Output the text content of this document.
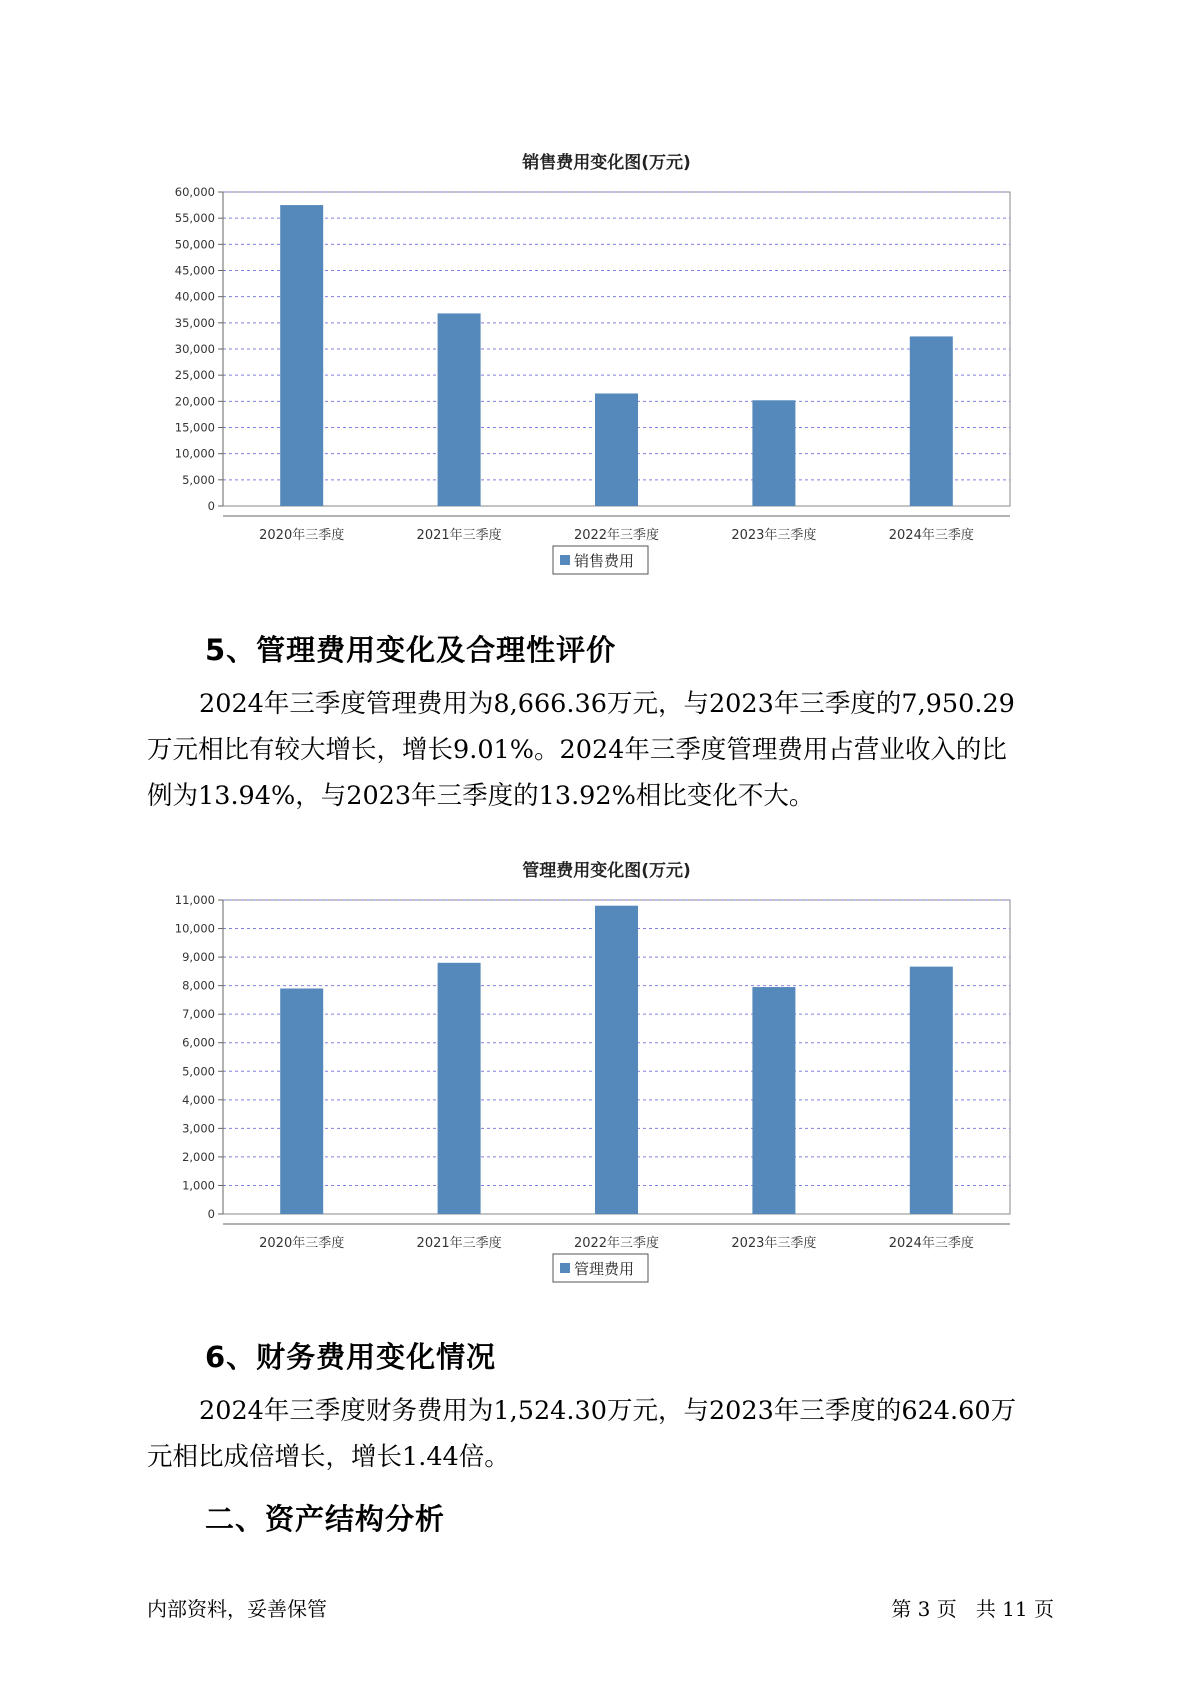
销售费用变化图(万元)
0
5,000
10,000
15,000
20,000
25,000
30,000
35,000
40,000
45,000
50,000
55,000
60,000
2020年三季度	2021年三季度	2022年三季度	2023年三季度	2024年三季度
销售费用
5、管理费用变化及合理性评价

2024年三季度管理费用为8,666.36万元，与2023年三季度的7,950.29
万元相比有较大增长，增长9.01%。2024年三季度管理费用占营业收入的比
例为13.94%，与2023年三季度的13.92%相比变化不大。

管理费用变化图(万元)
0
1,000
2,000
3,000
4,000
5,000
6,000
7,000
8,000
9,000
10,000
11,000
2020年三季度	2021年三季度	2022年三季度	2023年三季度	2024年三季度
管理费用
6、财务费用变化情况

2024年三季度财务费用为1,524.30万元，与2023年三季度的624.60万
元相比成倍增长，增长1.44倍。

二、资产结构分析
内部资料，妥善保管	第 3 页   共 11 页
